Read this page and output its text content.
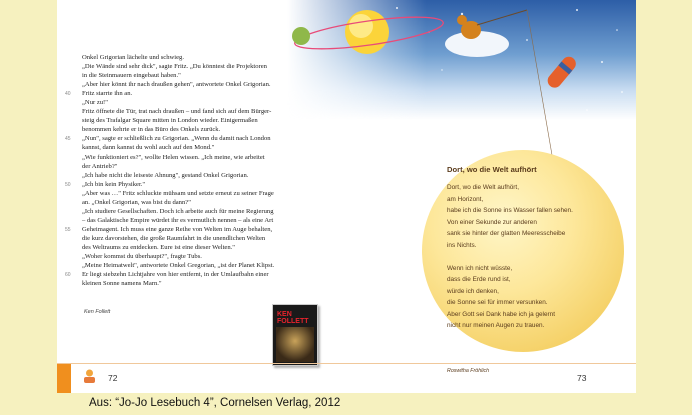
Onkel Grigorian lächelte und schwieg.

„Die Wände sind sehr dick", sagte Fritz. „Du könntest die Projektoren

in die Steinmauern eingebaut haben."

„Aber hier könnt ihr nach draußen gehen", antwortete Onkel Grigorian.

Fritz starrte ihn an.

„Nur zu!"

Fritz öffnete die Tür, trat nach draußen – und fand sich auf dem Bürger-

steig des Trafalgar Square mitten in London wieder. Einigermaßen

benommen kehrte er in das Büro des Onkels zurück.

„Nun", sagte er schließlich zu Grigorian. „Wenn du damit nach London

kannst, dann kannst du wohl auch auf den Mond."

„Wie funktioniert es?", wollte Helen wissen. „Ich meine, wie arbeitet

der Antrieb?"

„Ich habe nicht die leiseste Ahnung", gestand Onkel Grigorian.

„Ich bin kein Physiker."

„Aber was …" Fritz schluckte mühsam und setzte erneut zu seiner Frage

an. „Onkel Grigorian, was bist du dann?"

„Ich studiere Gesellschaften. Doch ich arbeite auch für meine Regierung

– das Galaktische Empire würdet ihr es vermutlich nennen – als eine Art

Geheimagent. Ich muss eine ganze Reihe von Welten im Auge behalten,

die kurz davorstehen, die große Raumfahrt in die unendlichen Welten

des Weltraums zu entdecken. Eure ist eine dieser Welten."

„Woher kommst du überhaupt?", fragte Tubs.

„Meine Heimatwelt", antwortete Onkel Gregorian, „ist der Planet Klipst.

Er liegt siebzehn Lichtjahre von hier entfernt, in der Umlaufbahn einer

kleinen Sonne namens Marn."

40
45
50
55
60
Ken Follett	KEN
FOLLETT
72	73
Dort, wo die Welt aufhört
Roswitha Fröhlich
Dort, wo die Welt aufhört,
am Horizont,
habe ich die Sonne ins Wasser fallen sehen.
Von einer Sekunde zur anderen
sank sie hinter der glatten Meeresscheibe
ins Nichts.
Wenn ich nicht wüsste,
dass die Erde rund ist,
würde ich denken,
die Sonne sei für immer versunken.
Aber Gott sei Dank habe ich ja gelernt
nicht nur meinen Augen zu trauen.
Aus: “Jo-Jo Lesebuch 4”, Cornelsen Verlag, 2012
